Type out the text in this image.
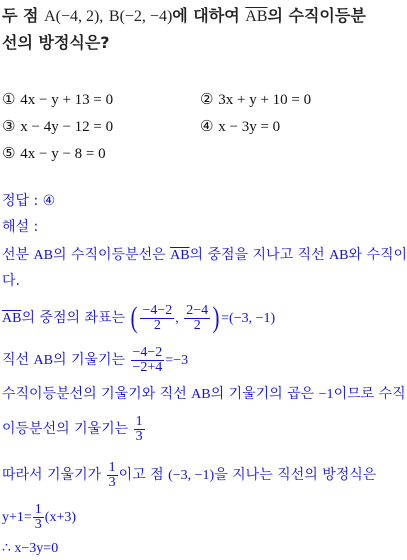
두 점 A(−4, 2), B(−2, −4)에 대하여 $\overline{AB}$의 수직이등분
선의 방정식은?
① 4x − y + 13 = 0	② 3x + y + 10 = 0
③ x − 4y − 12 = 0	④ x − 3y = 0
⑤ 4x − y − 8 = 0
정답 : ④
해설 :
선분 AB의 수직이등분선은 $\overline{AB}$의 중점을 지나고 직선 AB와 수직이
다.
$\overline{AB}$의 중점의 좌표는 ( $\frac{-4-2}{2}$ , $\frac{2-4}{2}$ ) =(−3, −1)
직선 AB의 기울기는 $\frac{-4-2}{-2+4} =-3$
수직이등분선의 기울기와 직선 AB의 기울기의 곱은 −1이므로 수직
이등분선의 기울기는 $\frac{1}{3}$
따라서 기울기가 $\frac{1}{3}$ 이고 점 (−3, −1)을 지나는 직선의 방정식은
$y+1= \frac{1}{3} (x+3)$
∴ x−3y=0
